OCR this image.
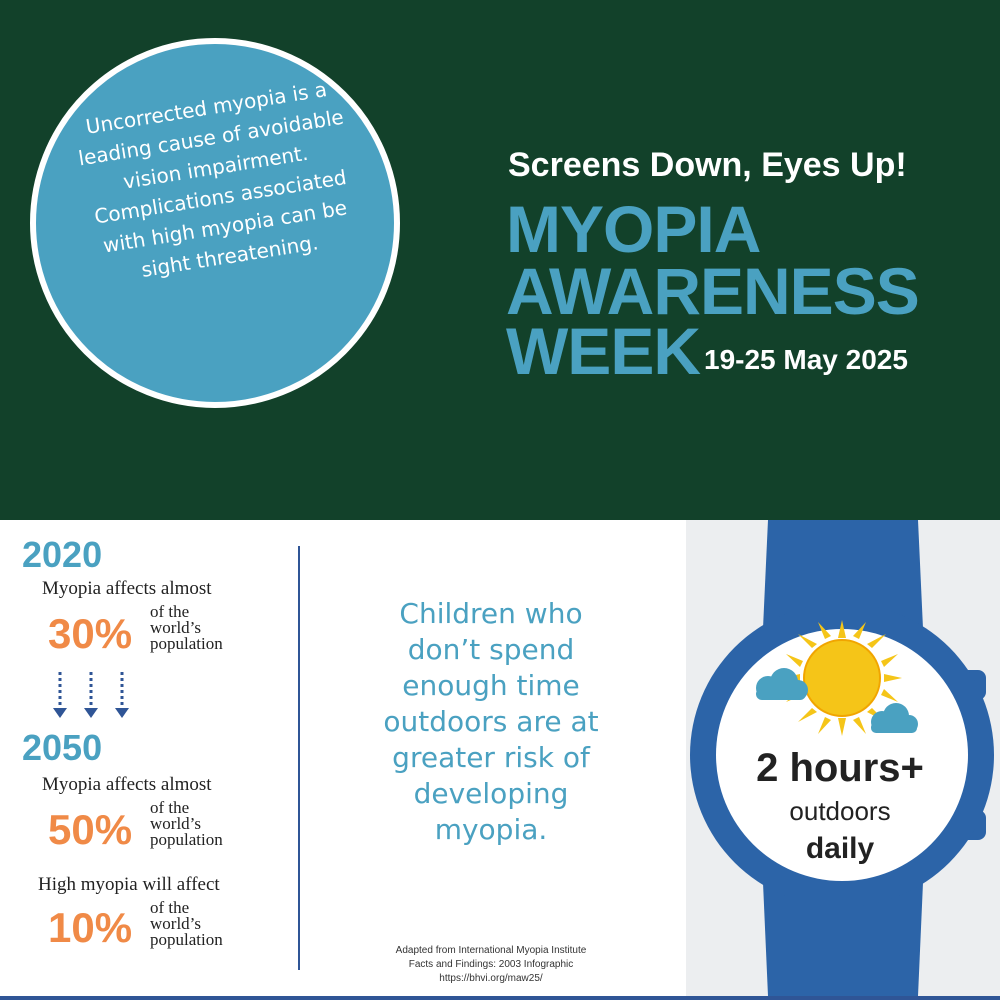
Uncorrected myopia is a leading cause of avoidable vision impairment. Complications associated with high myopia can be sight threatening.
Screens Down, Eyes Up!
MYOPIA
AWARENESS
WEEK 19-25 May 2025
2020
Myopia affects almost
30% of the
world’s
population
2050
Myopia affects almost
50% of the
world’s
population
High myopia will affect
10% of the
world’s
population
Children who don’t spend enough time outdoors are at greater risk of developing myopia.
Adapted from International Myopia Institute
Facts and Findings: 2003 Infographic
https://bhvi.org/maw25/
2 hours+
outdoors
daily
